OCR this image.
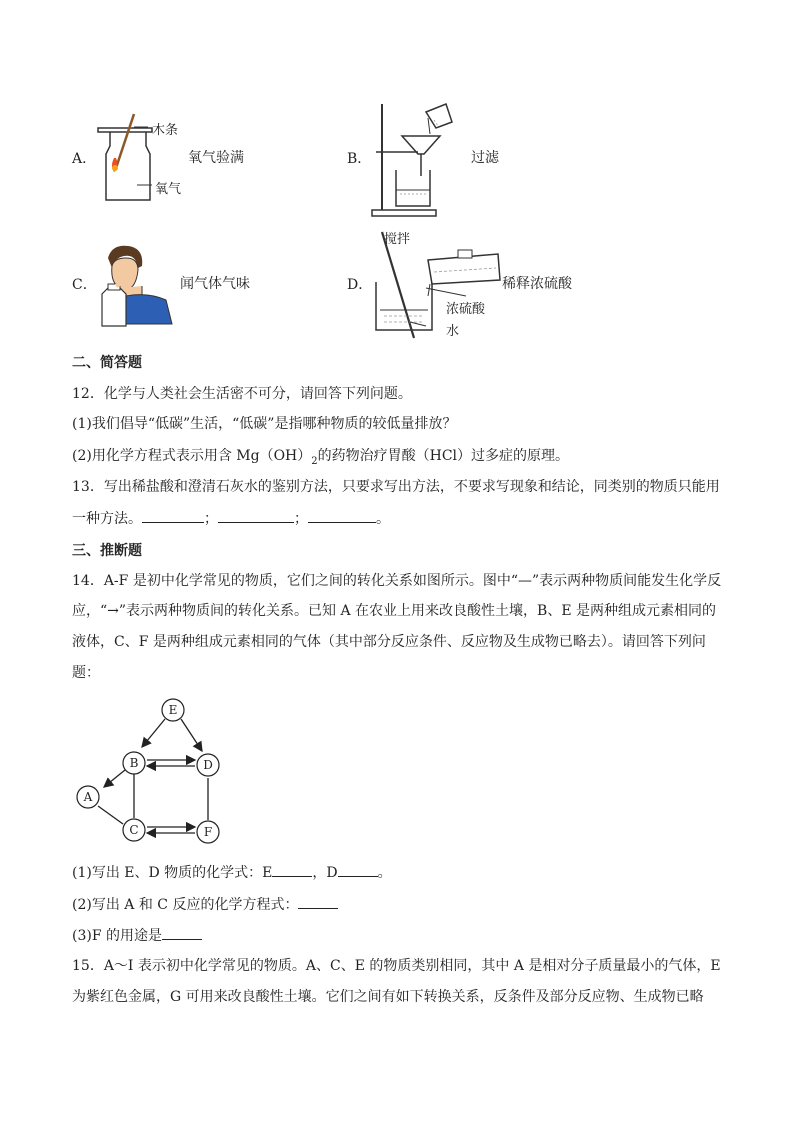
A．
木条
氧气
氧气验满	B．	过滤
C．	闻气体气味	D．
搅拌
稀释浓硫酸
浓硫酸
水
二、简答题
12．化学与人类社会生活密不可分，请回答下列问题。
(1)我们倡导“低碳”生活，“低碳”是指哪种物质的较低量排放？
(2)用化学方程式表示用含 $Mg(OH)_2$的药物治疗胃酸（HCl）过多症的原理。
13．写出稀盐酸和澄清石灰水的鉴别方法，只要求写出方法，不要求写现象和结论，同类别的物质只能用
一种方法。	；	；	。
三、推断题
14．A-F 是初中化学常见的物质，它们之间的转化关系如图所示。图中“—”表示两种物质间能发生化学反
应，“→”表示两种物质间的转化关系。已知 A 在农业上用来改良酸性土壤，B、E 是两种组成元素相同的
液体，C、F 是两种组成元素相同的气体（其中部分反应条件、反应物及生成物已略去）。请回答下列问
题：
E
B	D
A
C	F
(1)写出 E、D 物质的化学式：E	，D	。
(2)写出 A 和 C 反应的化学方程式：
(3)F 的用途是
15．A～I 表示初中化学常见的物质。A、C、E 的物质类别相同，其中 A 是相对分子质量最小的气体，E
为紫红色金属，G 可用来改良酸性土壤。它们之间有如下转换关系，反条件及部分反应物、生成物已略
